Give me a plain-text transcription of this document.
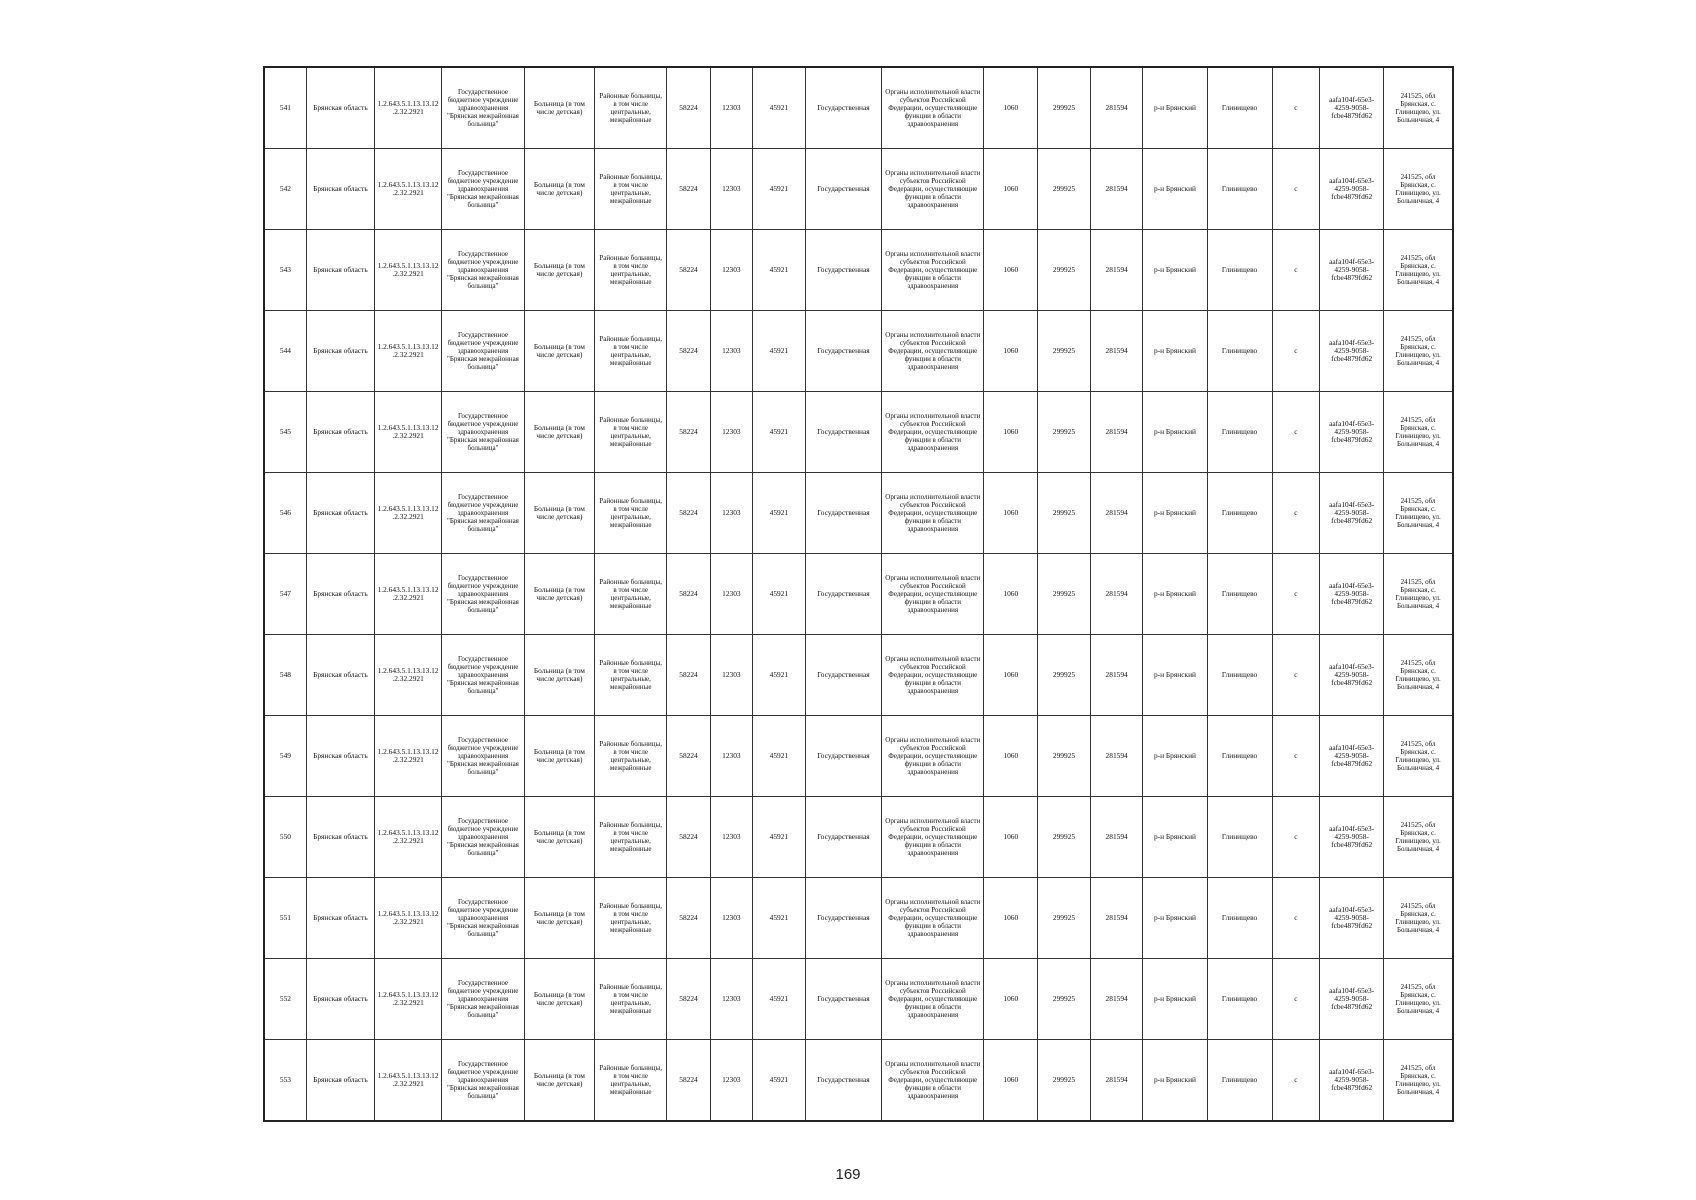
541	Брянская область	1.2.643.5.1.13.13.12.2.32.2921	Государственное бюджетное учреждение здравоохранения "Брянская межрайонная больница"	Больница (в том числе детская)	Районные больницы, в том числе центральные, межрайонные	58224	12303	45921	Государственная	Органы исполнительной власти субъектов Российской Федерации, осуществляющие функции в области здравоохранения	1060	299925	281594	р-н Брянский	Глинищево	с	aafa104f-65e3-4259-9058-fcbe4879fd62	241525, обл Брянская, с. Глинищево, ул. Больничная, 4
542	Брянская область	1.2.643.5.1.13.13.12.2.32.2921	Государственное бюджетное учреждение здравоохранения "Брянская межрайонная больница"	Больница (в том числе детская)	Районные больницы, в том числе центральные, межрайонные	58224	12303	45921	Государственная	Органы исполнительной власти субъектов Российской Федерации, осуществляющие функции в области здравоохранения	1060	299925	281594	р-н Брянский	Глинищево	с	aafa104f-65e3-4259-9058-fcbe4879fd62	241525, обл Брянская, с. Глинищево, ул. Больничная, 4
543	Брянская область	1.2.643.5.1.13.13.12.2.32.2921	Государственное бюджетное учреждение здравоохранения "Брянская межрайонная больница"	Больница (в том числе детская)	Районные больницы, в том числе центральные, межрайонные	58224	12303	45921	Государственная	Органы исполнительной власти субъектов Российской Федерации, осуществляющие функции в области здравоохранения	1060	299925	281594	р-н Брянский	Глинищево	с	aafa104f-65e3-4259-9058-fcbe4879fd62	241525, обл Брянская, с. Глинищево, ул. Больничная, 4
544	Брянская область	1.2.643.5.1.13.13.12.2.32.2921	Государственное бюджетное учреждение здравоохранения "Брянская межрайонная больница"	Больница (в том числе детская)	Районные больницы, в том числе центральные, межрайонные	58224	12303	45921	Государственная	Органы исполнительной власти субъектов Российской Федерации, осуществляющие функции в области здравоохранения	1060	299925	281594	р-н Брянский	Глинищево	с	aafa104f-65e3-4259-9058-fcbe4879fd62	241525, обл Брянская, с. Глинищево, ул. Больничная, 4
545	Брянская область	1.2.643.5.1.13.13.12.2.32.2921	Государственное бюджетное учреждение здравоохранения "Брянская межрайонная больница"	Больница (в том числе детская)	Районные больницы, в том числе центральные, межрайонные	58224	12303	45921	Государственная	Органы исполнительной власти субъектов Российской Федерации, осуществляющие функции в области здравоохранения	1060	299925	281594	р-н Брянский	Глинищево	с	aafa104f-65e3-4259-9058-fcbe4879fd62	241525, обл Брянская, с. Глинищево, ул. Больничная, 4
546	Брянская область	1.2.643.5.1.13.13.12.2.32.2921	Государственное бюджетное учреждение здравоохранения "Брянская межрайонная больница"	Больница (в том числе детская)	Районные больницы, в том числе центральные, межрайонные	58224	12303	45921	Государственная	Органы исполнительной власти субъектов Российской Федерации, осуществляющие функции в области здравоохранения	1060	299925	281594	р-н Брянский	Глинищево	с	aafa104f-65e3-4259-9058-fcbe4879fd62	241525, обл Брянская, с. Глинищево, ул. Больничная, 4
547	Брянская область	1.2.643.5.1.13.13.12.2.32.2921	Государственное бюджетное учреждение здравоохранения "Брянская межрайонная больница"	Больница (в том числе детская)	Районные больницы, в том числе центральные, межрайонные	58224	12303	45921	Государственная	Органы исполнительной власти субъектов Российской Федерации, осуществляющие функции в области здравоохранения	1060	299925	281594	р-н Брянский	Глинищево	с	aafa104f-65e3-4259-9058-fcbe4879fd62	241525, обл Брянская, с. Глинищево, ул. Больничная, 4
548	Брянская область	1.2.643.5.1.13.13.12.2.32.2921	Государственное бюджетное учреждение здравоохранения "Брянская межрайонная больница"	Больница (в том числе детская)	Районные больницы, в том числе центральные, межрайонные	58224	12303	45921	Государственная	Органы исполнительной власти субъектов Российской Федерации, осуществляющие функции в области здравоохранения	1060	299925	281594	р-н Брянский	Глинищево	с	aafa104f-65e3-4259-9058-fcbe4879fd62	241525, обл Брянская, с. Глинищево, ул. Больничная, 4
549	Брянская область	1.2.643.5.1.13.13.12.2.32.2921	Государственное бюджетное учреждение здравоохранения "Брянская межрайонная больница"	Больница (в том числе детская)	Районные больницы, в том числе центральные, межрайонные	58224	12303	45921	Государственная	Органы исполнительной власти субъектов Российской Федерации, осуществляющие функции в области здравоохранения	1060	299925	281594	р-н Брянский	Глинищево	с	aafa104f-65e3-4259-9058-fcbe4879fd62	241525, обл Брянская, с. Глинищево, ул. Больничная, 4
550	Брянская область	1.2.643.5.1.13.13.12.2.32.2921	Государственное бюджетное учреждение здравоохранения "Брянская межрайонная больница"	Больница (в том числе детская)	Районные больницы, в том числе центральные, межрайонные	58224	12303	45921	Государственная	Органы исполнительной власти субъектов Российской Федерации, осуществляющие функции в области здравоохранения	1060	299925	281594	р-н Брянский	Глинищево	с	aafa104f-65e3-4259-9058-fcbe4879fd62	241525, обл Брянская, с. Глинищево, ул. Больничная, 4
551	Брянская область	1.2.643.5.1.13.13.12.2.32.2921	Государственное бюджетное учреждение здравоохранения "Брянская межрайонная больница"	Больница (в том числе детская)	Районные больницы, в том числе центральные, межрайонные	58224	12303	45921	Государственная	Органы исполнительной власти субъектов Российской Федерации, осуществляющие функции в области здравоохранения	1060	299925	281594	р-н Брянский	Глинищево	с	aafa104f-65e3-4259-9058-fcbe4879fd62	241525, обл Брянская, с. Глинищево, ул. Больничная, 4
552	Брянская область	1.2.643.5.1.13.13.12.2.32.2921	Государственное бюджетное учреждение здравоохранения "Брянская межрайонная больница"	Больница (в том числе детская)	Районные больницы, в том числе центральные, межрайонные	58224	12303	45921	Государственная	Органы исполнительной власти субъектов Российской Федерации, осуществляющие функции в области здравоохранения	1060	299925	281594	р-н Брянский	Глинищево	с	aafa104f-65e3-4259-9058-fcbe4879fd62	241525, обл Брянская, с. Глинищево, ул. Больничная, 4
553	Брянская область	1.2.643.5.1.13.13.12.2.32.2921	Государственное бюджетное учреждение здравоохранения "Брянская межрайонная больница"	Больница (в том числе детская)	Районные больницы, в том числе центральные, межрайонные	58224	12303	45921	Государственная	Органы исполнительной власти субъектов Российской Федерации, осуществляющие функции в области здравоохранения	1060	299925	281594	р-н Брянский	Глинищево	с	aafa104f-65e3-4259-9058-fcbe4879fd62	241525, обл Брянская, с. Глинищево, ул. Больничная, 4
169
